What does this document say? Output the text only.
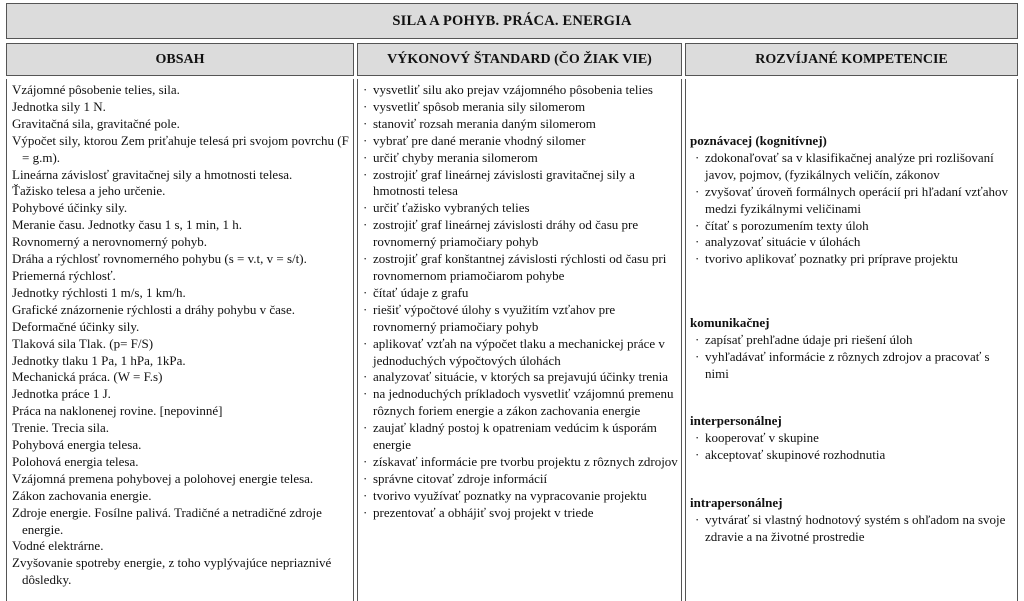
SILA A POHYB. PRÁCA. ENERGIA
OBSAH	VÝKONOVÝ ŠTANDARD (ČO ŽIAK VIE)	ROZVÍJANÉ KOMPETENCIE
Vzájomné pôsobenie telies, sila.
Jednotka sily 1 N.
Gravitačná sila, gravitačné pole.
Výpočet sily, ktorou Zem priťahuje telesá pri svojom povrchu (F = g.m).
Lineárna závislosť gravitačnej sily a hmotnosti telesa.
Ťažisko telesa a jeho určenie.
Pohybové účinky sily.
Meranie času. Jednotky času 1 s, 1 min, 1 h.
Rovnomerný a nerovnomerný pohyb.
Dráha a rýchlosť rovnomerného pohybu (s = v.t, v = s/t).
Priemerná rýchlosť.
Jednotky rýchlosti 1 m/s, 1 km/h.
Grafické znázornenie rýchlosti a dráhy pohybu v čase.
Deformačné účinky sily.
Tlaková sila Tlak. (p= F/S)
Jednotky tlaku 1 Pa, 1 hPa, 1kPa.
Mechanická práca. (W = F.s)
Jednotka práce 1 J.
Práca na naklonenej rovine. [nepovinné]
Trenie. Trecia sila.
Pohybová energia telesa.
Polohová energia telesa.
Vzájomná premena pohybovej a polohovej energie telesa.
Zákon zachovania energie.
Zdroje energie. Fosílne palivá. Tradičné a netradičné zdroje energie.
Vodné elektrárne.
Zvyšovanie spotreby energie, z toho vyplývajúce nepriaznivé dôsledky.
· vysvetliť silu ako prejav vzájomného pôsobenia telies
· vysvetliť spôsob merania sily silomerom
· stanoviť rozsah merania daným silomerom
· vybrať pre dané meranie vhodný silomer
· určiť chyby merania silomerom
· zostrojiť graf lineárnej závislosti gravitačnej sily a hmotnosti telesa
· určiť ťažisko vybraných telies
· zostrojiť graf lineárnej závislosti dráhy od času pre rovnomerný priamočiary pohyb
· zostrojiť graf konštantnej závislosti rýchlosti od času pri rovnomernom priamočiarom pohybe
· čítať údaje z grafu
· riešiť výpočtové úlohy s využitím vzťahov pre rovnomerný priamočiary pohyb
· aplikovať vzťah na výpočet tlaku a mechanickej práce v jednoduchých výpočtových úlohách
· analyzovať situácie, v ktorých sa prejavujú účinky trenia
· na jednoduchých príkladoch vysvetliť vzájomnú premenu rôznych foriem energie a zákon zachovania energie
· zaujať kladný postoj k opatreniam vedúcim k úsporám energie
· získavať informácie pre tvorbu projektu z rôznych zdrojov
· správne citovať zdroje informácií
· tvorivo využívať poznatky na vypracovanie projektu
· prezentovať a obhájiť svoj projekt v triede
poznávacej (kognitívnej)
· zdokonaľovať sa v klasifikačnej analýze pri rozlišovaní javov, pojmov, (fyzikálnych veličín, zákonov
· zvyšovať úroveň formálnych operácií pri hľadaní vzťahov medzi fyzikálnymi veličinami
· čítať s porozumením texty úloh
· analyzovať situácie v úlohách
· tvorivo aplikovať poznatky pri príprave projektu
komunikačnej
· zapísať prehľadne údaje pri riešení úloh
· vyhľadávať informácie z rôznych zdrojov a pracovať s nimi
interpersonálnej
· kooperovať v skupine
· akceptovať skupinové rozhodnutia
intrapersonálnej
· vytvárať si vlastný hodnotový systém s ohľadom na svoje zdravie a na životné prostredie
